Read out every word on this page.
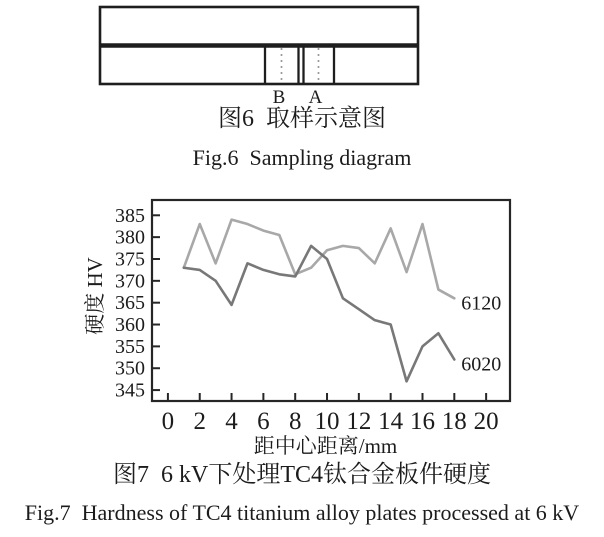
B A
图6  取样示意图
Fig.6  Sampling diagram
345
350
355
360
365
370
375
380
385
0 2 4 6 8 10 12 14 16 18 20
6120
6020
硬度 HV
距中心距离/mm
图7  6 kV下处理TC4钛合金板件硬度
Fig.7  Hardness of TC4 titanium alloy plates processed at 6 kV
